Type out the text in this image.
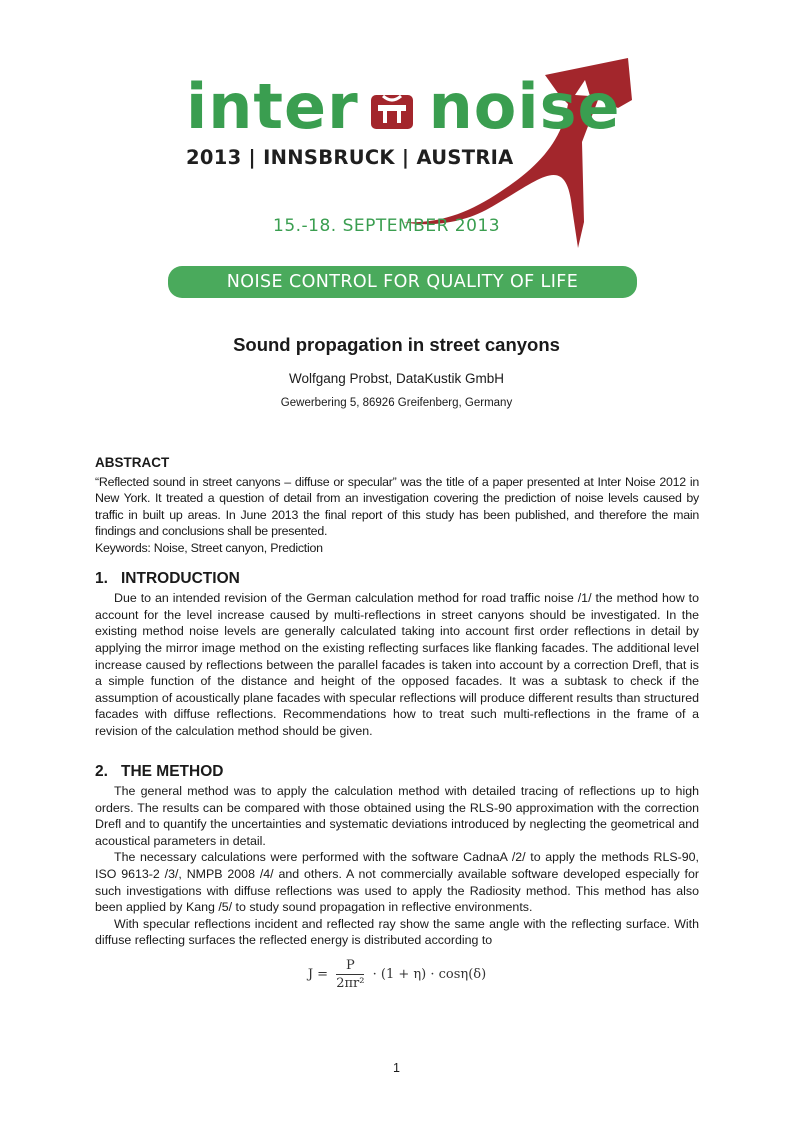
inter noise
2013 | INNSBRUCK | AUSTRIA
15.-18. SEPTEMBER 2013
NOISE CONTROL FOR QUALITY OF LIFE
Sound propagation in street canyons
Wolfgang Probst, DataKustik GmbH
Gewerbering 5, 86926 Greifenberg, Germany
ABSTRACT

“Reflected sound in street canyons – diffuse or specular” was the title of a paper presented at Inter Noise 2012 in New York. It treated a question of detail from an investigation covering the prediction of noise levels caused by traffic in built up areas. In June 2013 the final report of this study has been published, and therefore the main findings and conclusions shall be presented.

Keywords: Noise, Street canyon, Prediction

1. INTRODUCTION

Due to an intended revision of the German calculation method for road traffic noise /1/ the method how to account for the level increase caused by multi-reflections in street canyons should be investigated. In the existing method noise levels are generally calculated taking into account first order reflections in detail by applying the mirror image method on the existing reflecting surfaces like flanking facades. The additional level increase caused by reflections between the parallel facades is taken into account by a correction Drefl, that is a simple function of the distance and height of the opposed facades. It was a subtask to check if the assumption of acoustically plane facades with specular reflections will produce different results than structured facades with diffuse reflections. Recommendations how to treat such multi-reflections in the frame of a revision of the calculation method should be given.

2. THE METHOD

The general method was to apply the calculation method with detailed tracing of reflections up to high orders. The results can be compared with those obtained using the RLS-90 approximation with the correction Drefl and to quantify the uncertainties and systematic deviations introduced by neglecting the geometrical and acoustical parameters in detail.

The necessary calculations were performed with the software CadnaA /2/ to apply the methods RLS-90, ISO 9613-2 /3/, NMPB 2008 /4/ and others. A not commercially available software developed especially for such investigations with diffuse reflections was used to apply the Radiosity method. This method has also been applied by Kang /5/ to study sound propagation in reflective environments.

With specular reflections incident and reflected ray show the same angle with the reflecting surface. With diffuse reflecting surfaces the reflected energy is distributed according to

$J = \frac{P}{\text{2πr²}} \cdot (1 + \eta) \cdot \cos\eta(\delta)$
1
